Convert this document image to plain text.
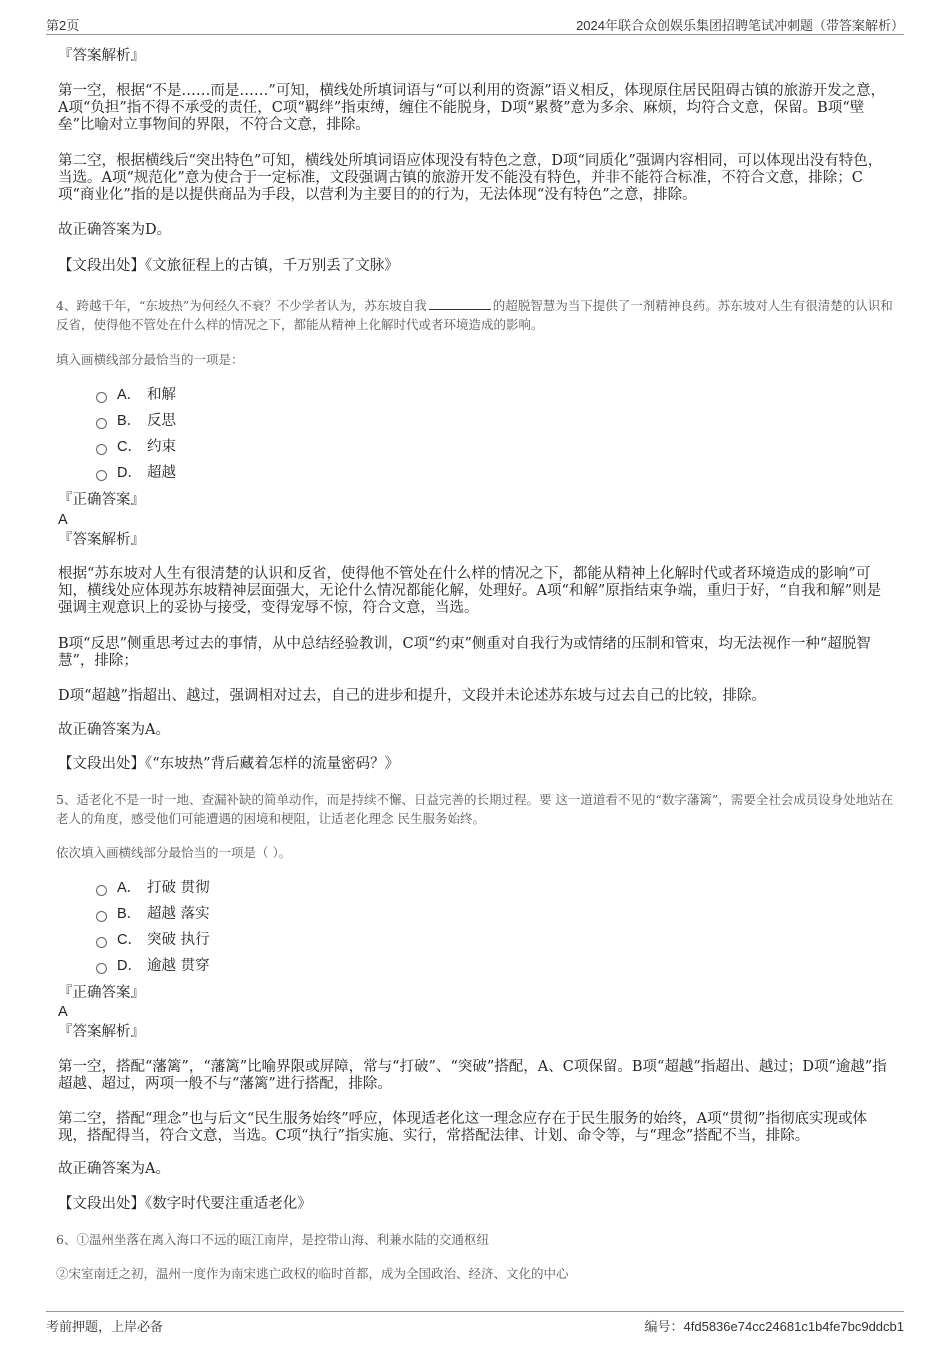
第2页	2024年联合众创娱乐集团招聘笔试冲刺题（带答案解析）
『答案解析』
第一空，根据“不是……而是……”可知，横线处所填词语与“可以利用的资源”语义相反，体现原住居民阻碍古镇的旅游开发之意，A项“负担”指不得不承受的责任，C项“羁绊”指束缚，缠住不能脱身，D项“累赘”意为多余、麻烦，均符合文意，保留。B项“壁垒”比喻对立事物间的界限，不符合文意，排除。
第二空，根据横线后“突出特色”可知，横线处所填词语应体现没有特色之意，D项“同质化”强调内容相同，可以体现出没有特色，当选。A项“规范化”意为使合于一定标准，文段强调古镇的旅游开发不能没有特色，并非不能符合标准，不符合文意，排除；C项“商业化”指的是以提供商品为手段，以营利为主要目的的行为，无法体现“没有特色”之意，排除。
故正确答案为D。
【文段出处】《文旅征程上的古镇，千万别丢了文脉》
4、跨越千年，“东坡热”为何经久不衰？不少学者认为，苏东坡自我	的超脱智慧为当下提供了一剂精神良药。苏东坡对人生有很清楚的认识和反省，使得他不管处在什么样的情况之下，都能从精神上化解时代或者环境造成的影响。
填入画横线部分最恰当的一项是：
A． 和解
B． 反思
C． 约束
D． 超越
『正确答案』
A
『答案解析』
根据“苏东坡对人生有很清楚的认识和反省，使得他不管处在什么样的情况之下，都能从精神上化解时代或者环境造成的影响”可知，横线处应体现苏东坡精神层面强大，无论什么情况都能化解，处理好。A项“和解”原指结束争端，重归于好，“自我和解”则是强调主观意识上的妥协与接受，变得宠辱不惊，符合文意，当选。
B项“反思”侧重思考过去的事情，从中总结经验教训，C项“约束”侧重对自我行为或情绪的压制和管束，均无法视作一种“超脱智慧”，排除；
D项“超越”指超出、越过，强调相对过去，自己的进步和提升，文段并未论述苏东坡与过去自己的比较，排除。
故正确答案为A。
【文段出处】《“东坡热”背后藏着怎样的流量密码？》
5、适老化不是一时一地、查漏补缺的简单动作，而是持续不懈、日益完善的长期过程。要 这一道道看不见的“数字藩篱”，需要全社会成员设身处地站在老人的角度，感受他们可能遭遇的困境和梗阻，让适老化理念 民生服务始终。
依次填入画横线部分最恰当的一项是（ ）。
A． 打破 贯彻
B． 超越 落实
C． 突破 执行
D． 逾越 贯穿
『正确答案』
A
『答案解析』
第一空，搭配“藩篱”，“藩篱”比喻界限或屏障，常与“打破”、“突破”搭配，A、C项保留。B项“超越”指超出、越过；D项“逾越”指超越、超过，两项一般不与“藩篱”进行搭配，排除。
第二空，搭配“理念”也与后文“民生服务始终”呼应，体现适老化这一理念应存在于民生服务的始终，A项“贯彻”指彻底实现或体现，搭配得当，符合文意，当选。C项“执行”指实施、实行，常搭配法律、计划、命令等，与“理念”搭配不当，排除。
故正确答案为A。
【文段出处】《数字时代要注重适老化》
6、①温州坐落在离入海口不远的瓯江南岸，是控带山海、利兼水陆的交通枢纽
②宋室南迁之初，温州一度作为南宋逃亡政权的临时首都，成为全国政治、经济、文化的中心
考前押题，上岸必备	编号：4fd5836e74cc24681c1b4fe7bc9ddcb1
